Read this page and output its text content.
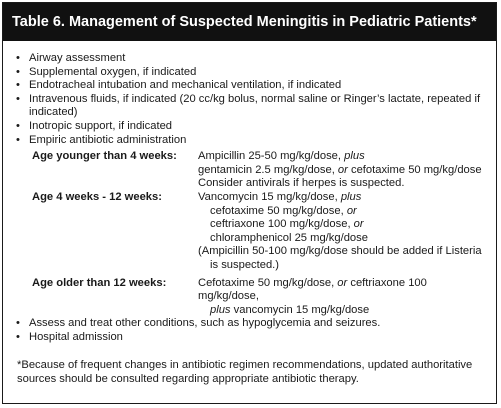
Table 6. Management of Suspected Meningitis in Pediatric Patients*
• Airway assessment
• Supplemental oxygen, if indicated
• Endotracheal intubation and mechanical ventilation, if indicated
• Intravenous fluids, if indicated (20 cc/kg bolus, normal saline or Ringer’s lactate, repeated if indicated)
• Inotropic support, if indicated
• Empiric antibiotic administration
Age younger than 4 weeks:	Ampicillin 25-50 mg/kg/dose, plus
gentamicin 2.5 mg/kg/dose, or cefotaxime 50 mg/kg/dose
Consider antivirals if herpes is suspected.
Age 4 weeks - 12 weeks:	Vancomycin 15 mg/kg/dose, plus
cefotaxime 50 mg/kg/dose, or
ceftriaxone 100 mg/kg/dose, or
chloramphenicol 25 mg/kg/dose
(Ampicillin 50-100 mg/kg/dose should be added if Listeria
is suspected.)
Age older than 12 weeks:	Cefotaxime 50 mg/kg/dose, or ceftriaxone 100 mg/kg/dose,
plus vancomycin 15 mg/kg/dose
• Assess and treat other conditions, such as hypoglycemia and seizures.
• Hospital admission
*Because of frequent changes in antibiotic regimen recommendations, updated authoritative sources should be consulted regarding appropriate antibiotic therapy.
